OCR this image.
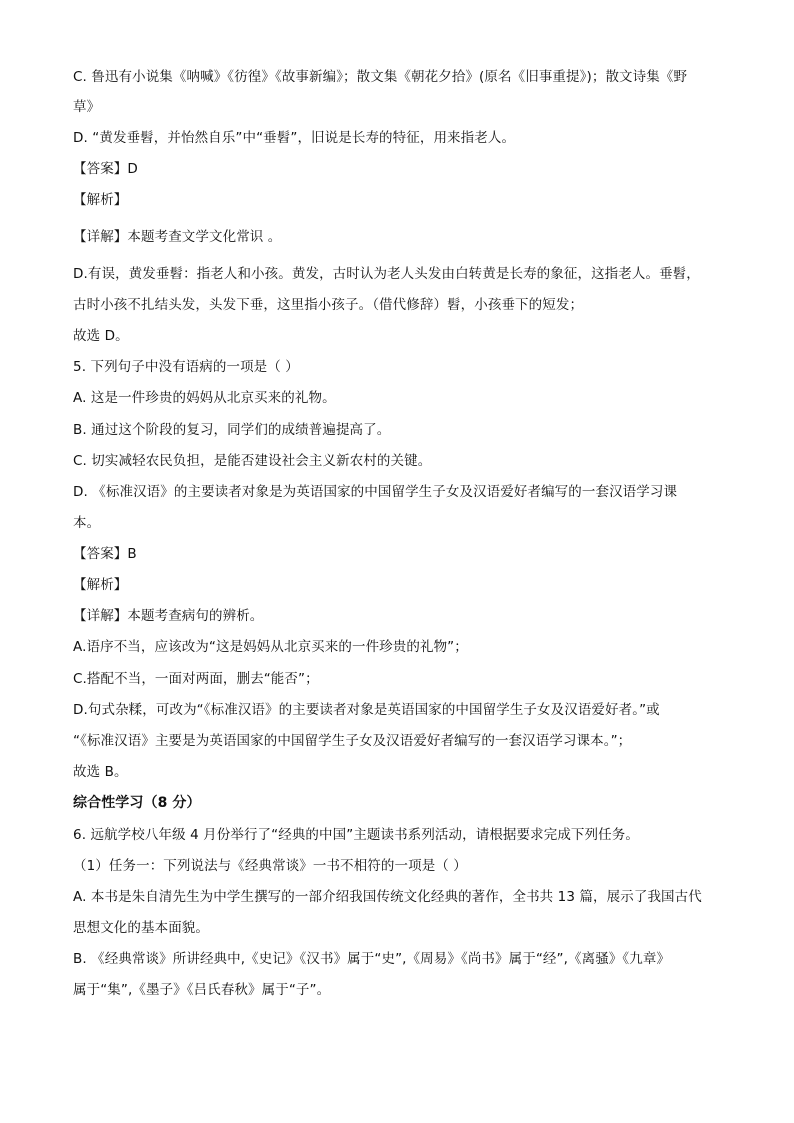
C. 鲁迅有小说集《呐喊》《彷徨》《故事新编》；散文集《朝花夕拾》(原名《旧事重提》)；散文诗集《野
草》
D. “黄发垂髫，并怡然自乐”中“垂髫”，旧说是长寿的特征，用来指老人。
【答案】D
【解析】
【详解】本题考查文学文化常识 。
D.有误，黄发垂髫：指老人和小孩。黄发，古时认为老人头发由白转黄是长寿的象征，这指老人。垂髫，
古时小孩不扎结头发，头发下垂，这里指小孩子。（借代修辞）髫，小孩垂下的短发；
故选 D。
5. 下列句子中没有语病的一项是（ ）
A. 这是一件珍贵的妈妈从北京买来的礼物。
B. 通过这个阶段的复习，同学们的成绩普遍提高了。
C. 切实减轻农民负担，是能否建设社会主义新农村的关键。
D. 《标准汉语》的主要读者对象是为英语国家的中国留学生子女及汉语爱好者编写的一套汉语学习课
本。
【答案】B
【解析】
【详解】本题考查病句的辨析。
A.语序不当，应该改为“这是妈妈从北京买来的一件珍贵的礼物”；
C.搭配不当，一面对两面，删去“能否”；
D.句式杂糅，可改为“《标准汉语》的主要读者对象是英语国家的中国留学生子女及汉语爱好者。”或
“《标准汉语》主要是为英语国家的中国留学生子女及汉语爱好者编写的一套汉语学习课本。”；
故选 B。
综合性学习（8 分）
6. 远航学校八年级 4 月份举行了“经典的中国”主题读书系列活动，请根据要求完成下列任务。
（1）任务一：下列说法与《经典常谈》一书不相符的一项是（ ）
A. 本书是朱自清先生为中学生撰写的一部介绍我国传统文化经典的著作，全书共 13 篇，展示了我国古代
思想文化的基本面貌。
B. 《经典常谈》所讲经典中,《史记》《汉书》属于“史”,《周易》《尚书》属于“经”,《离骚》《九章》
属于“集”,《墨子》《吕氏春秋》属于“子”。
